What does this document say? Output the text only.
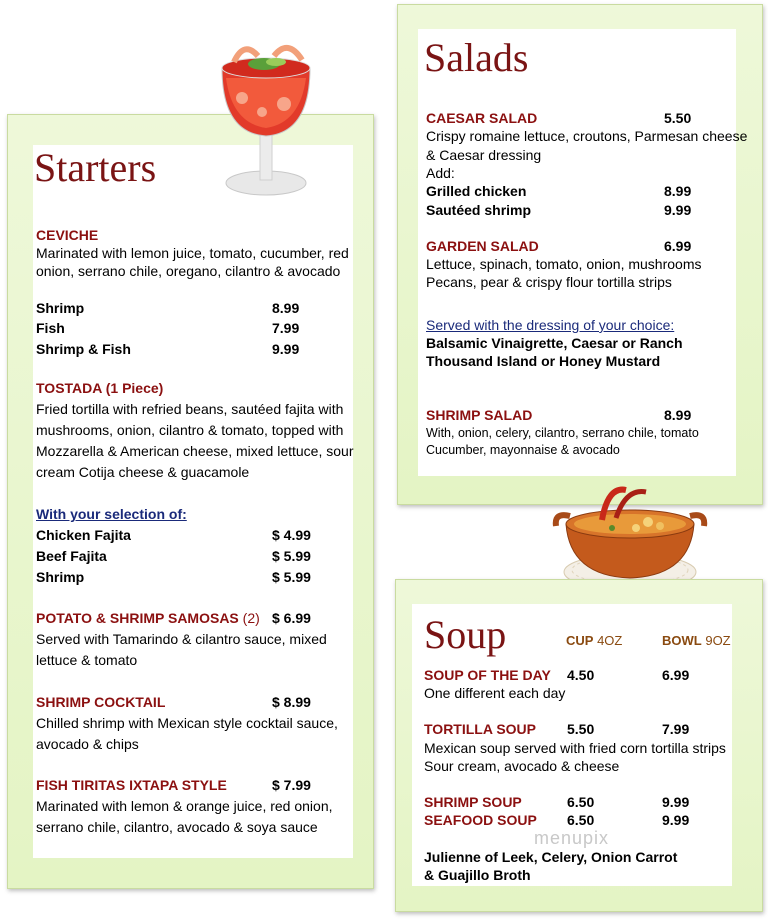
Starters
CEVICHE
Marinated with lemon juice, tomato, cucumber, red
onion, serrano chile, oregano, cilantro & avocado
Shrimp	8.99
Fish	7.99
Shrimp & Fish	9.99
TOSTADA (1 Piece)
Fried tortilla with refried beans, sautéed fajita with
mushrooms, onion, cilantro & tomato, topped with
Mozzarella & American cheese, mixed lettuce, sour
cream Cotija cheese & guacamole
With your selection of:
Chicken Fajita	$ 4.99
Beef Fajita	$ 5.99
Shrimp	$ 5.99
POTATO & SHRIMP SAMOSAS (2) $ 6.99
Served with Tamarindo & cilantro sauce, mixed
lettuce & tomato
SHRIMP COCKTAIL	$ 8.99
Chilled shrimp with Mexican style cocktail sauce,
avocado & chips
FISH TIRITAS IXTAPA STYLE	$ 7.99
Marinated with lemon & orange juice, red onion,
serrano chile, cilantro, avocado & soya sauce
Salads
CAESAR SALAD	5.50
Crispy romaine lettuce, croutons, Parmesan cheese
& Caesar dressing
Add:
Grilled chicken	8.99
Sautéed shrimp	9.99
GARDEN SALAD	6.99
Lettuce, spinach, tomato, onion, mushrooms
Pecans, pear & crispy flour tortilla strips
Served with the dressing of your choice:
Balsamic Vinaigrette, Caesar or Ranch
Thousand Island or Honey Mustard
SHRIMP SALAD	8.99
With, onion, celery, cilantro, serrano chile, tomato
Cucumber, mayonnaise & avocado
Soup	CUP 4OZ	BOWL 9OZ
SOUP OF THE DAY 4.50	6.99
One different each day
TORTILLA SOUP 5.50	7.99
Mexican soup served with fried corn tortilla strips
Sour cream, avocado & cheese
SHRIMP SOUP	6.50	9.99
SEAFOOD SOUP 6.50	9.99
menupix
Julienne of Leek, Celery, Onion Carrot
& Guajillo Broth
